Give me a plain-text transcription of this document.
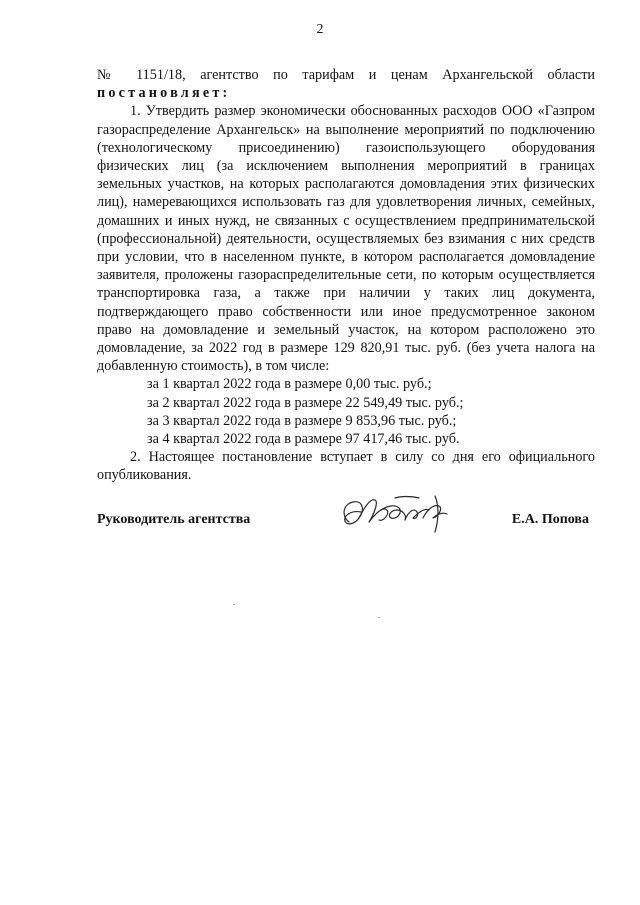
2

№ 1151/18, агентство по тарифам и ценам Архангельской области

постановляет:

1. Утвердить размер экономически обоснованных расходов ООО «Газпром газораспределение Архангельск» на выполнение мероприятий по подключению (технологическому присоединению) газоиспользующего оборудования физических лиц (за исключением выполнения мероприятий в границах земельных участков, на которых располагаются домовладения этих физических лиц), намеревающихся использовать газ для удовлетворения личных, семейных, домашних и иных нужд, не связанных с осуществлением предпринимательской (профессиональной) деятельности, осуществляемых без взимания с них средств при условии, что в населенном пункте, в котором располагается домовладение заявителя, проложены газораспределительные сети, по которым осуществляется транспортировка газа, а также при наличии у таких лиц документа, подтверждающего право собственности или иное предусмотренное законом право на домовладение и земельный участок, на котором расположено это домовладение, за 2022 год в размере 129 820,91 тыс. руб. (без учета налога на добавленную стоимость), в том числе:

за 1 квартал 2022 года в размере 0,00 тыс. руб.;
за 2 квартал 2022 года в размере 22 549,49 тыс. руб.;
за 3 квартал 2022 года в размере 9 853,96 тыс. руб.;
за 4 квартал 2022 года в размере 97 417,46 тыс. руб.

2. Настоящее постановление вступает в силу со дня его официального опубликования.

Руководитель агентства	Е.А. Попова
